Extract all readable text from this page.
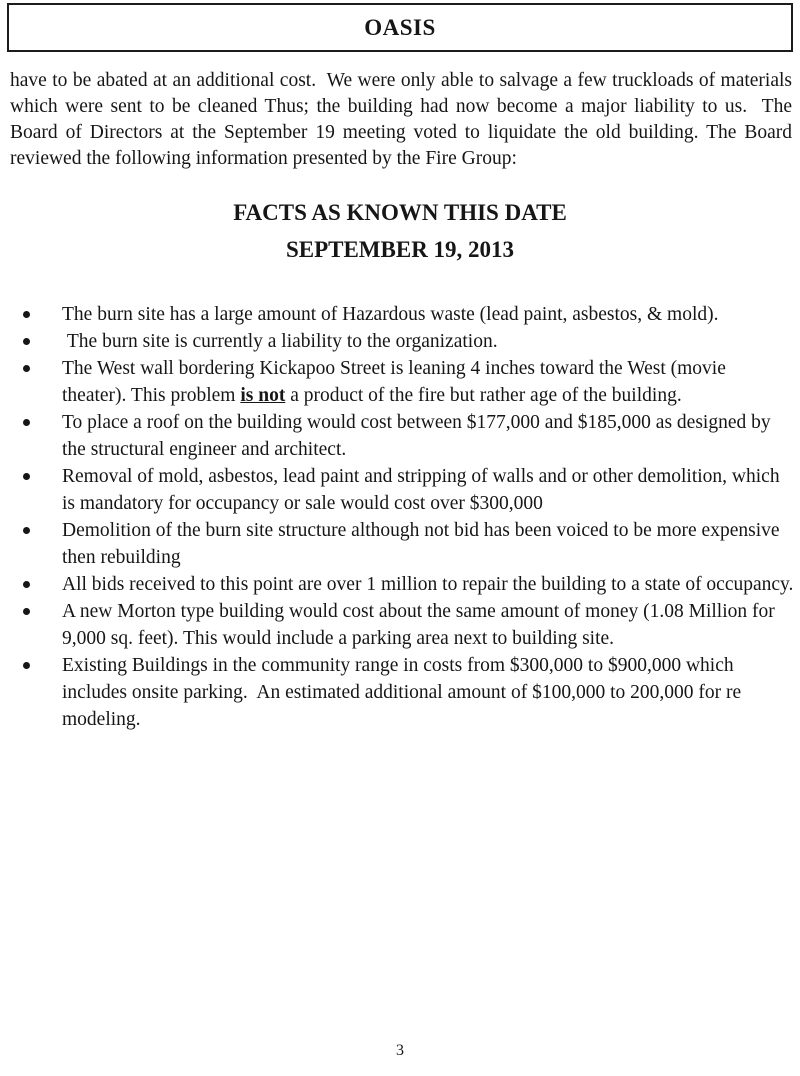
OASIS

have to be abated at an additional cost.  We were only able to salvage a few truckloads of materials which were sent to be cleaned Thus; the building had now become a major liability to us.  The Board of Directors at the September 19 meeting voted to liquidate the old building. The Board reviewed the following information presented by the Fire Group:

FACTS AS KNOWN THIS DATE
SEPTEMBER 19, 2013
The burn site has a large amount of Hazardous waste (lead paint, asbestos, & mold).
The burn site is currently a liability to the organization.
The West wall bordering Kickapoo Street is leaning 4 inches toward the West (movie theater). This problem is not a product of the fire but rather age of the building.
To place a roof on the building would cost between $177,000 and $185,000 as designed by the structural engineer and architect.
Removal of mold, asbestos, lead paint and stripping of walls and or other demolition, which is mandatory for occupancy or sale would cost over $300,000
Demolition of the burn site structure although not bid has been voiced to be more expensive then rebuilding
All bids received to this point are over 1 million to repair the building to a state of occupancy.
A new Morton type building would cost about the same amount of money (1.08 Million for 9,000 sq. feet). This would include a parking area next to building site.
Existing Buildings in the community range in costs from $300,000 to $900,000 which includes onsite parking.  An estimated additional amount of $100,000 to 200,000 for re modeling.
3
